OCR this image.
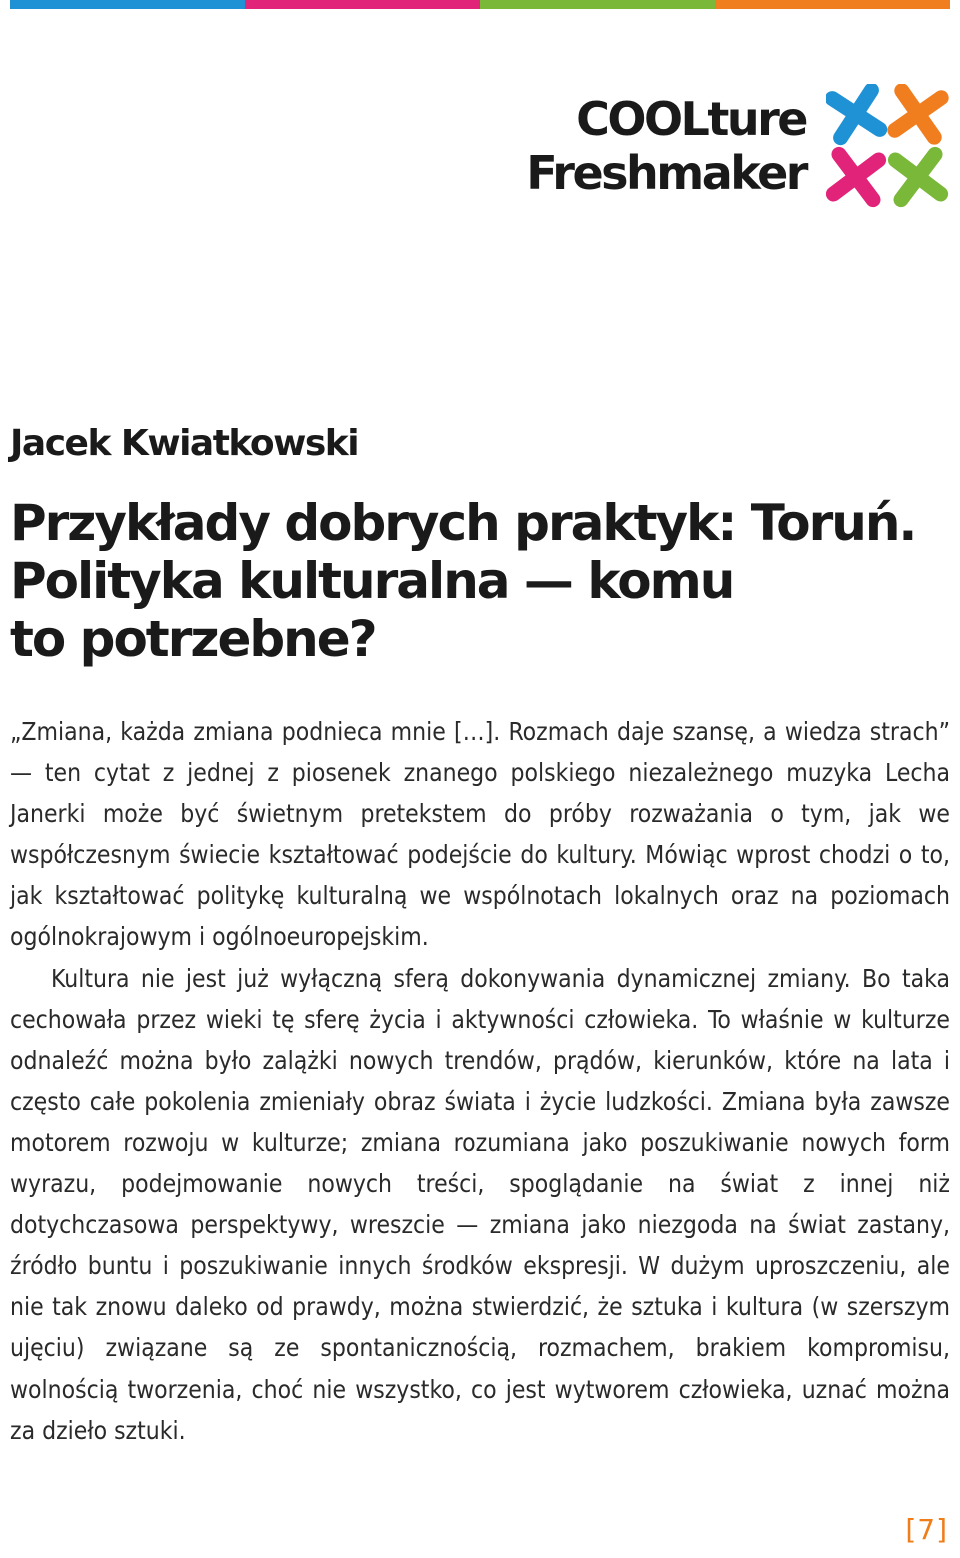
COOLture
Freshmaker
Jacek Kwiatkowski
Przykłady dobrych praktyk: Toruń.
Polityka kulturalna — komu
to potrzebne?

„Zmiana, każda zmiana podnieca mnie […]. Rozmach daje szansę, a wiedza strach” — ten cytat z jednej z piosenek znanego polskiego niezależnego muzyka Lecha Janerki może być świetnym pretekstem do próby rozważania o tym, jak we współczesnym świecie kształtować podejście do kultury. Mówiąc wprost chodzi o to, jak kształtować politykę kulturalną we wspólnotach lokalnych oraz na poziomach ogólnokrajowym i ogólnoeuropejskim.

Kultura nie jest już wyłączną sferą dokonywania dynamicznej zmiany. Bo taka cechowała przez wieki tę sferę życia i aktywności człowieka. To właśnie w kulturze odnaleźć można było zalążki nowych trendów, prądów, kierunków, które na lata i często całe pokolenia zmieniały obraz świata i życie ludzkości. Zmiana była zawsze motorem rozwoju w kulturze; zmiana rozumiana jako poszukiwanie nowych form wyrazu, podejmowanie nowych treści, spoglądanie na świat z innej niż dotychczasowa perspektywy, wreszcie — zmiana jako niezgoda na świat zastany, źródło buntu i poszukiwanie innych środków ekspresji. W dużym uproszczeniu, ale nie tak znowu daleko od prawdy, można stwierdzić, że sztuka i kultura (w szerszym ujęciu) związane są ze spontanicznością, rozmachem, brakiem kompromisu, wolnością tworzenia, choć nie wszystko, co jest wytworem człowieka, uznać można za dzieło sztuki.

[7]
